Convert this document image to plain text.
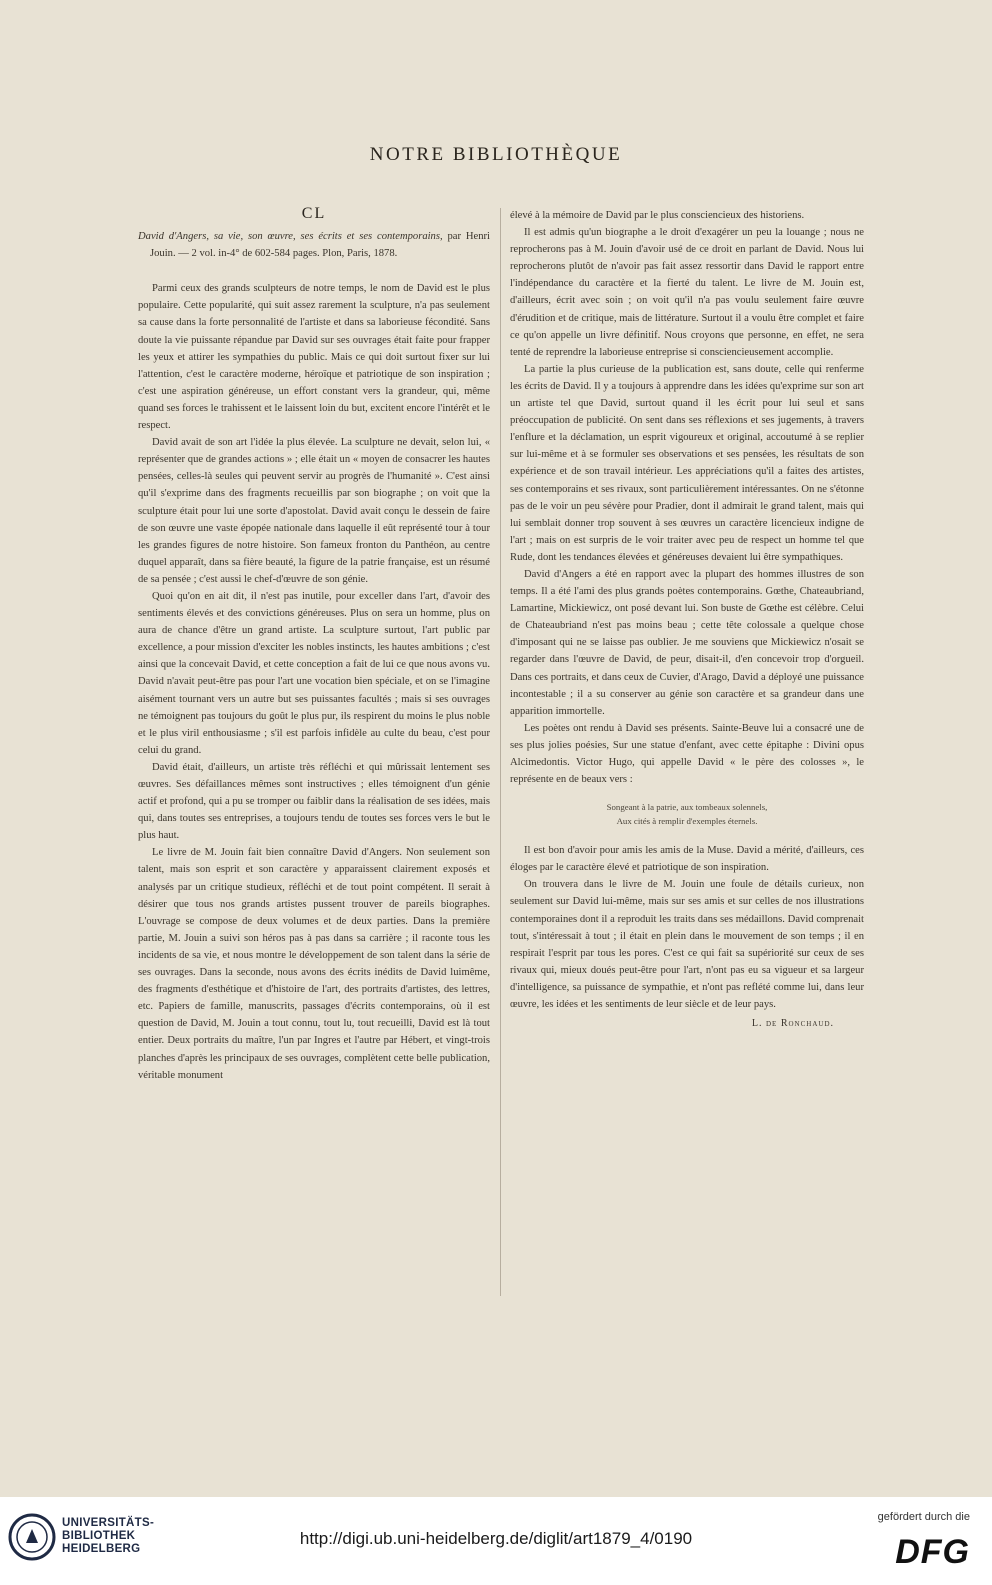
NOTRE BIBLIOTHÈQUE
CL
David d'Angers, sa vie, son œuvre, ses écrits et ses contemporains, par Henri Jouin. — 2 vol. in-4° de 602-584 pages. Plon, Paris, 1878.

Parmi ceux des grands sculpteurs de notre temps, le nom de David est le plus populaire. Cette popularité, qui suit assez rarement la sculpture, n'a pas seulement sa cause dans la forte personnalité de l'artiste et dans sa laborieuse fécondité. Sans doute la vie puissante répandue par David sur ses ouvrages était faite pour frapper les yeux et attirer les sympathies du public. Mais ce qui doit surtout fixer sur lui l'attention, c'est le caractère moderne, héroïque et patriotique de son inspiration ; c'est une aspiration généreuse, un effort constant vers la grandeur, qui, même quand ses forces le trahissent et le laissent loin du but, excitent encore l'intérêt et le respect.

David avait de son art l'idée la plus élevée. La sculpture ne devait, selon lui, « représenter que de grandes actions » ; elle était un « moyen de consacrer les hautes pensées, celles-là seules qui peuvent servir au progrès de l'humanité ». C'est ainsi qu'il s'exprime dans des fragments recueillis par son biographe ; on voit que la sculpture était pour lui une sorte d'apostolat. David avait conçu le dessein de faire de son œuvre une vaste épopée nationale dans laquelle il eût représenté tour à tour les grandes figures de notre histoire. Son fameux fronton du Panthéon, au centre duquel apparaît, dans sa fière beauté, la figure de la patrie française, est un résumé de sa pensée ; c'est aussi le chef-d'œuvre de son génie.

Quoi qu'on en ait dit, il n'est pas inutile, pour exceller dans l'art, d'avoir des sentiments élevés et des convictions généreuses. Plus on sera un homme, plus on aura de chance d'être un grand artiste. La sculpture surtout, l'art public par excellence, a pour mission d'exciter les nobles instincts, les hautes ambitions ; c'est ainsi que la concevait David, et cette conception a fait de lui ce que nous avons vu. David n'avait peut-être pas pour l'art une vocation bien spéciale, et on se l'imagine aisément tournant vers un autre but ses puissantes facultés ; mais si ses ouvrages ne témoignent pas toujours du goût le plus pur, ils respirent du moins le plus noble et le plus viril enthousiasme ; s'il est parfois infidèle au culte du beau, c'est pour celui du grand.

David était, d'ailleurs, un artiste très réfléchi et qui mûrissait lentement ses œuvres. Ses défaillances mêmes sont instructives ; elles témoignent d'un génie actif et profond, qui a pu se tromper ou faiblir dans la réalisation de ses idées, mais qui, dans toutes ses entreprises, a toujours tendu de toutes ses forces vers le but le plus haut.

Le livre de M. Jouin fait bien connaître David d'Angers. Non seulement son talent, mais son esprit et son caractère y apparaissent clairement exposés et analysés par un critique studieux, réfléchi et de tout point compétent. Il serait à désirer que tous nos grands artistes pussent trouver de pareils biographes. L'ouvrage se compose de deux volumes et de deux parties. Dans la première partie, M. Jouin a suivi son héros pas à pas dans sa carrière ; il raconte tous les incidents de sa vie, et nous montre le développement de son talent dans la série de ses ouvrages. Dans la seconde, nous avons des écrits inédits de David luimême, des fragments d'esthétique et d'histoire de l'art, des portraits d'artistes, des lettres, etc. Papiers de famille, manuscrits, passages d'écrits contemporains, où il est question de David, M. Jouin a tout connu, tout lu, tout recueilli, David est là tout entier. Deux portraits du maître, l'un par Ingres et l'autre par Hébert, et vingt-trois planches d'après les principaux de ses ouvrages, complètent cette belle publication, véritable monument

élevé à la mémoire de David par le plus consciencieux des historiens.

Il est admis qu'un biographe a le droit d'exagérer un peu la louange ; nous ne reprocherons pas à M. Jouin d'avoir usé de ce droit en parlant de David. Nous lui reprocherons plutôt de n'avoir pas fait assez ressortir dans David le rapport entre l'indépendance du caractère et la fierté du talent. Le livre de M. Jouin est, d'ailleurs, écrit avec soin ; on voit qu'il n'a pas voulu seulement faire œuvre d'érudition et de critique, mais de littérature. Surtout il a voulu être complet et faire ce qu'on appelle un livre définitif. Nous croyons que personne, en effet, ne sera tenté de reprendre la laborieuse entreprise si consciencieusement accomplie.

La partie la plus curieuse de la publication est, sans doute, celle qui renferme les écrits de David. Il y a toujours à apprendre dans les idées qu'exprime sur son art un artiste tel que David, surtout quand il les écrit pour lui seul et sans préoccupation de publicité. On sent dans ses réflexions et ses jugements, à travers l'enflure et la déclamation, un esprit vigoureux et original, accoutumé à se replier sur lui-même et à se formuler ses observations et ses pensées, les résultats de son expérience et de son travail intérieur. Les appréciations qu'il a faites des artistes, ses contemporains et ses rivaux, sont particulièrement intéressantes. On ne s'étonne pas de le voir un peu sévère pour Pradier, dont il admirait le grand talent, mais qui lui semblait donner trop souvent à ses œuvres un caractère licencieux indigne de l'art ; mais on est surpris de le voir traiter avec peu de respect un homme tel que Rude, dont les tendances élevées et généreuses devaient lui être sympathiques.

David d'Angers a été en rapport avec la plupart des hommes illustres de son temps. Il a été l'ami des plus grands poètes contemporains. Gœthe, Chateaubriand, Lamartine, Mickiewicz, ont posé devant lui. Son buste de Gœthe est célèbre. Celui de Chateaubriand n'est pas moins beau ; cette tête colossale a quelque chose d'imposant qui ne se laisse pas oublier. Je me souviens que Mickiewicz n'osait se regarder dans l'œuvre de David, de peur, disait-il, d'en concevoir trop d'orgueil. Dans ces portraits, et dans ceux de Cuvier, d'Arago, David a déployé une puissance incontestable ; il a su conserver au génie son caractère et sa grandeur dans une apparition immortelle.

Les poètes ont rendu à David ses présents. Sainte-Beuve lui a consacré une de ses plus jolies poésies, Sur une statue d'enfant, avec cette épitaphe : Divini opus Alcimedontis. Victor Hugo, qui appelle David « le père des colosses », le représente en de beaux vers :

Songeant à la patrie, aux tombeaux solennels,
Aux cités à remplir d'exemples éternels.

Il est bon d'avoir pour amis les amis de la Muse. David a mérité, d'ailleurs, ces éloges par le caractère élevé et patriotique de son inspiration.

On trouvera dans le livre de M. Jouin une foule de détails curieux, non seulement sur David lui-même, mais sur ses amis et sur celles de nos illustrations contemporaines dont il a reproduit les traits dans ses médaillons. David comprenait tout, s'intéressait à tout ; il était en plein dans le mouvement de son temps ; il en respirait l'esprit par tous les pores. C'est ce qui fait sa supériorité sur ceux de ses rivaux qui, mieux doués peut-être pour l'art, n'ont pas eu sa vigueur et sa largeur d'intelligence, sa puissance de sympathie, et n'ont pas reflété comme lui, dans leur œuvre, les idées et les sentiments de leur siècle et de leur pays.

L. de Ronchaud.
UNIVERSITÄTS-
BIBLIOTHEK
HEIDELBERG
http://digi.ub.uni-heidelberg.de/diglit/art1879_4/0190
gefördert durch die
DFG
